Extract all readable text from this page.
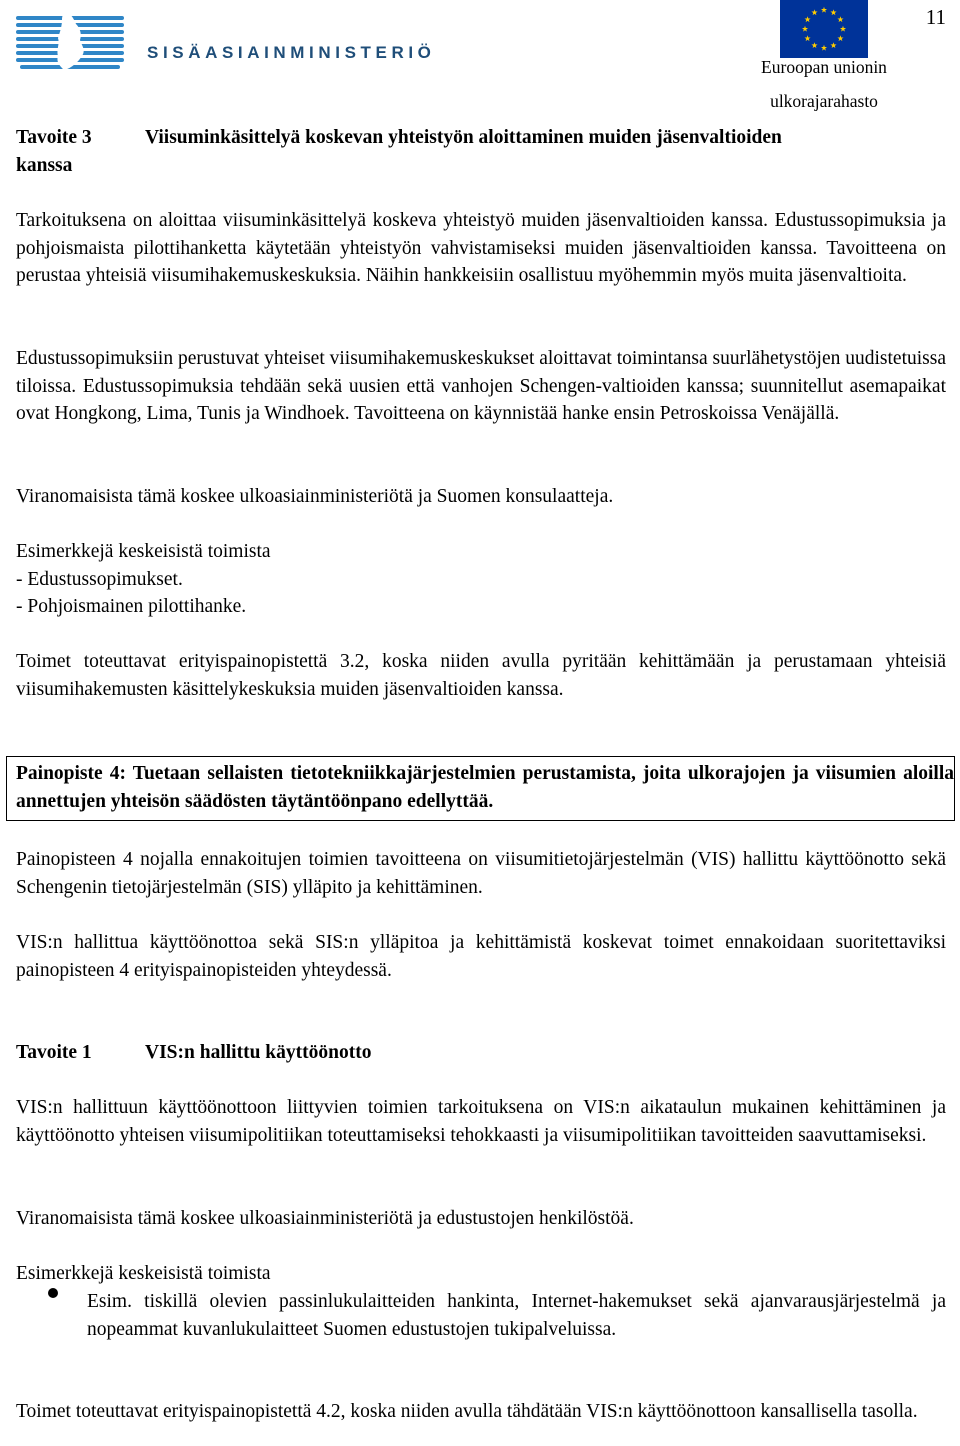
SISÄASIAINMINISTERIÖ
Euroopan unionin
ulkorajarahasto
11
Tavoite 3	Viisuminkäsittelyä koskevan yhteistyön aloittaminen muiden jäsenvaltioiden
kanssa

Tarkoituksena on aloittaa viisuminkäsittelyä koskeva yhteistyö muiden jäsenvaltioiden kanssa. Edustussopimuksia ja pohjoismaista pilottihanketta käytetään yhteistyön vahvistamiseksi muiden jäsenvaltioiden kanssa. Tavoitteena on perustaa yhteisiä viisumihakemuskeskuksia. Näihin hankkeisiin osallistuu myöhemmin myös muita jäsenvaltioita.

Edustussopimuksiin perustuvat yhteiset viisumihakemuskeskukset aloittavat toimintansa suurlähetystöjen uudistetuissa tiloissa. Edustussopimuksia tehdään sekä uusien että vanhojen Schengen-valtioiden kanssa; suunnitellut asemapaikat ovat Hongkong, Lima, Tunis ja Windhoek. Tavoitteena on käynnistää hanke ensin Petroskoissa Venäjällä.

Viranomaisista tämä koskee ulkoasiainministeriötä ja Suomen konsulaatteja.

Esimerkkejä keskeisistä toimista
- Edustussopimukset.
- Pohjoismainen pilottihanke.

Toimet toteuttavat erityispainopistettä 3.2, koska niiden avulla pyritään kehittämään ja perustamaan yhteisiä viisumihakemusten käsittelykeskuksia muiden jäsenvaltioiden kanssa.

Painopiste 4: Tuetaan sellaisten tietotekniikkajärjestelmien perustamista, joita ulkorajojen ja viisumien aloilla annettujen yhteisön säädösten täytäntöönpano edellyttää.

Painopisteen 4 nojalla ennakoitujen toimien tavoitteena on viisumitietojärjestelmän (VIS) hallittu käyttöönotto sekä Schengenin tietojärjestelmän (SIS) ylläpito ja kehittäminen.

VIS:n hallittua käyttöönottoa sekä SIS:n ylläpitoa ja kehittämistä koskevat toimet ennakoidaan suoritettaviksi painopisteen 4 erityispainopisteiden yhteydessä.

Tavoite 1	VIS:n hallittu käyttöönotto

VIS:n hallittuun käyttöönottoon liittyvien toimien tarkoituksena on VIS:n aikataulun mukainen kehittäminen ja käyttöönotto yhteisen viisumipolitiikan toteuttamiseksi tehokkaasti ja viisumipolitiikan tavoitteiden saavuttamiseksi.

Viranomaisista tämä koskee ulkoasiainministeriötä ja edustustojen henkilöstöä.

Esimerkkejä keskeisistä toimista

Esim. tiskillä olevien passinlukulaitteiden hankinta, Internet-hakemukset sekä ajanvarausjärjestelmä ja nopeammat kuvanlukulaitteet Suomen edustustojen tukipalveluissa.

Toimet toteuttavat erityispainopistettä 4.2, koska niiden avulla tähdätään VIS:n käyttöönottoon kansallisella tasolla.
